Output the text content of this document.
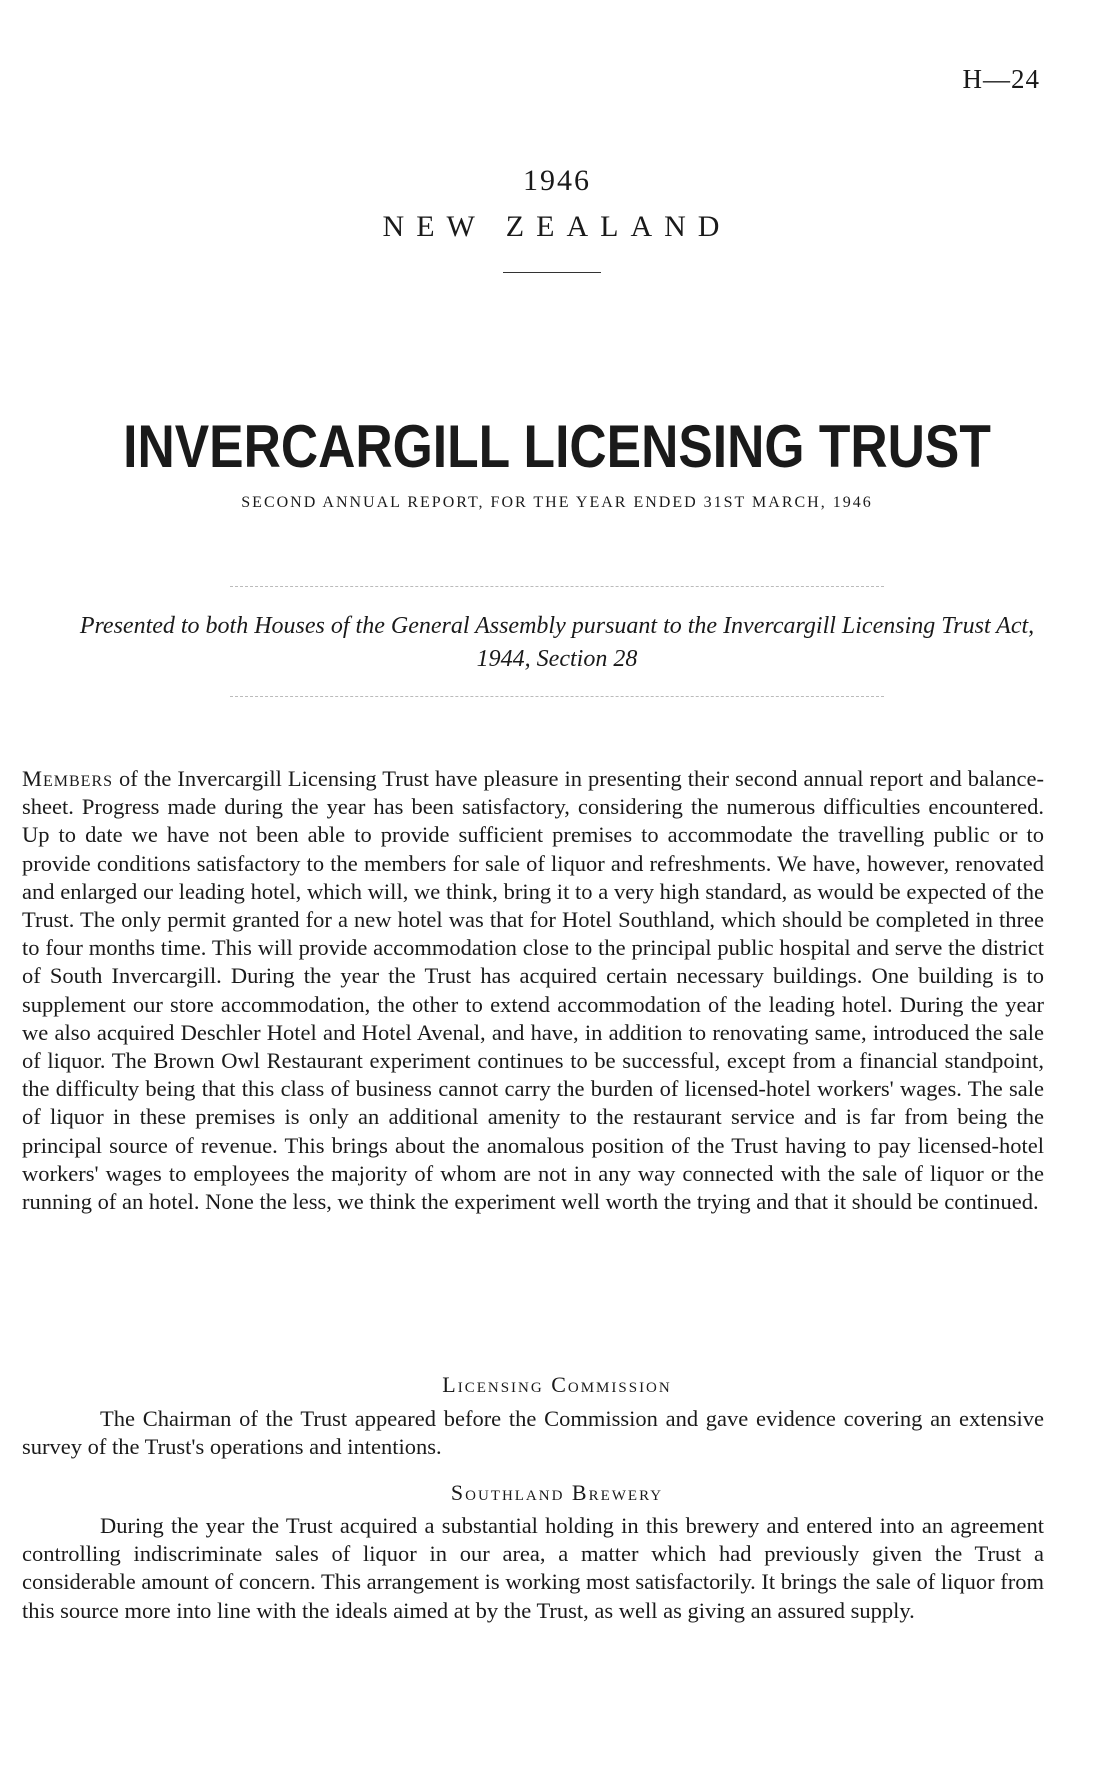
H—24
1946
NEW ZEALAND
INVERCARGILL LICENSING TRUST
SECOND ANNUAL REPORT, FOR THE YEAR ENDED 31ST MARCH, 1946
Presented to both Houses of the General Assembly pursuant to the Invercargill Licensing Trust Act, 1944, Section 28
Members of the Invercargill Licensing Trust have pleasure in presenting their second annual report and balance-sheet. Progress made during the year has been satisfactory, considering the numerous difficulties encountered. Up to date we have not been able to provide sufficient premises to accommodate the travelling public or to provide conditions satisfactory to the members for sale of liquor and refreshments. We have, however, renovated and enlarged our leading hotel, which will, we think, bring it to a very high standard, as would be expected of the Trust. The only permit granted for a new hotel was that for Hotel Southland, which should be completed in three to four months time. This will provide accommodation close to the principal public hospital and serve the district of South Invercargill. During the year the Trust has acquired certain necessary buildings. One building is to supplement our store accommodation, the other to extend accommodation of the leading hotel. During the year we also acquired Deschler Hotel and Hotel Avenal, and have, in addition to renovating same, introduced the sale of liquor. The Brown Owl Restaurant experiment continues to be successful, except from a financial standpoint, the difficulty being that this class of business cannot carry the burden of licensed-hotel workers' wages. The sale of liquor in these premises is only an additional amenity to the restaurant service and is far from being the principal source of revenue. This brings about the anomalous position of the Trust having to pay licensed-hotel workers' wages to employees the majority of whom are not in any way connected with the sale of liquor or the running of an hotel. None the less, we think the experiment well worth the trying and that it should be continued.
Licensing Commission
The Chairman of the Trust appeared before the Commission and gave evidence covering an extensive survey of the Trust's operations and intentions.
Southland Brewery
During the year the Trust acquired a substantial holding in this brewery and entered into an agreement controlling indiscriminate sales of liquor in our area, a matter which had previously given the Trust a considerable amount of concern. This arrangement is working most satisfactorily. It brings the sale of liquor from this source more into line with the ideals aimed at by the Trust, as well as giving an assured supply.
